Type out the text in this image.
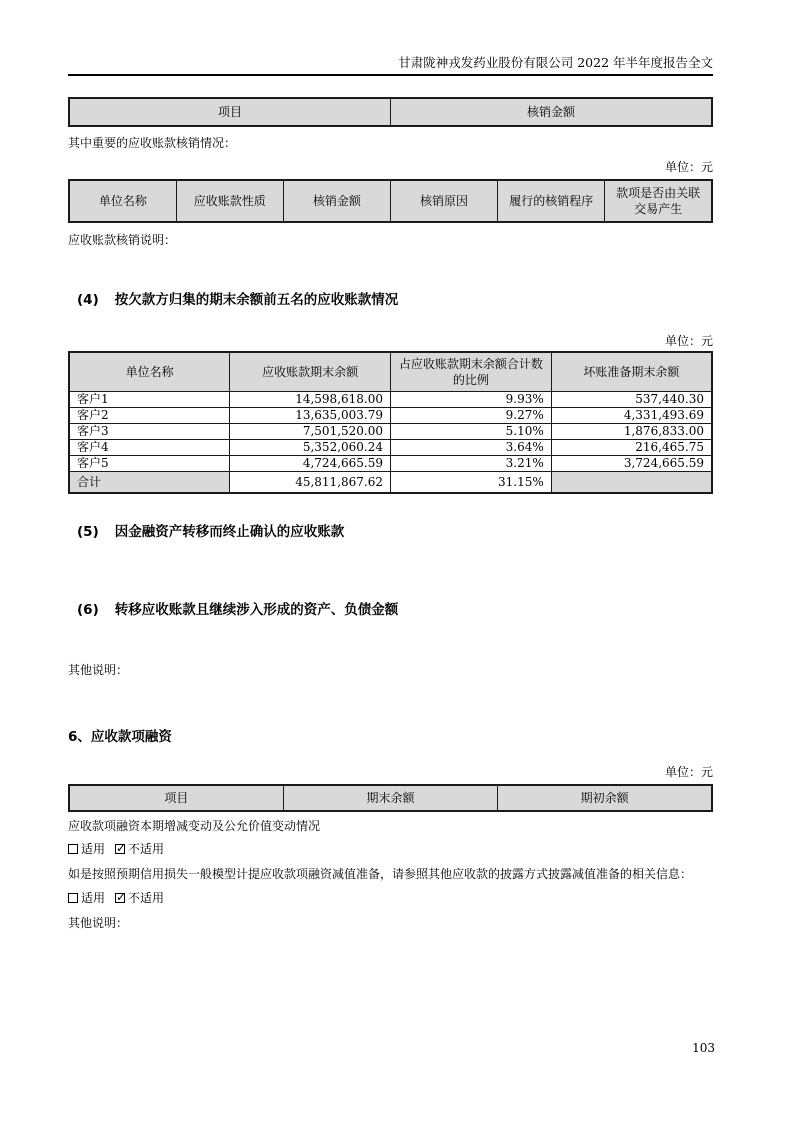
甘肃陇神戎发药业股份有限公司 2022 年半年度报告全文
项目	核销金额

其中重要的应收账款核销情况：

单位：元

单位名称	应收账款性质	核销金额	核销原因	履行的核销程序	款项是否由关联交易产生

应收账款核销说明：

(4) 按欠款方归集的期末余额前五名的应收账款情况

单位：元

单位名称	应收账款期末余额	占应收账款期末余额合计数的比例	坏账准备期末余额
客户1	14,598,618.00	9.93%	537,440.30
客户2	13,635,003.79	9.27%	4,331,493.69
客户3	7,501,520.00	5.10%	1,876,833.00
客户4	5,352,060.24	3.64%	216,465.75
客户5	4,724,665.59	3.21%	3,724,665.59
合计	45,811,867.62	31.15%	
(5) 因金融资产转移而终止确认的应收账款
(6) 转移应收账款且继续涉入形成的资产、负债金额

其他说明：

6、应收款项融资

单位：元

项目	期末余额	期初余额

应收款项融资本期增减变动及公允价值变动情况

适用 ✓ 不适用

如是按照预期信用损失一般模型计提应收款项融资减值准备，请参照其他应收款的披露方式披露减值准备的相关信息：

适用 ✓ 不适用

其他说明：

103
